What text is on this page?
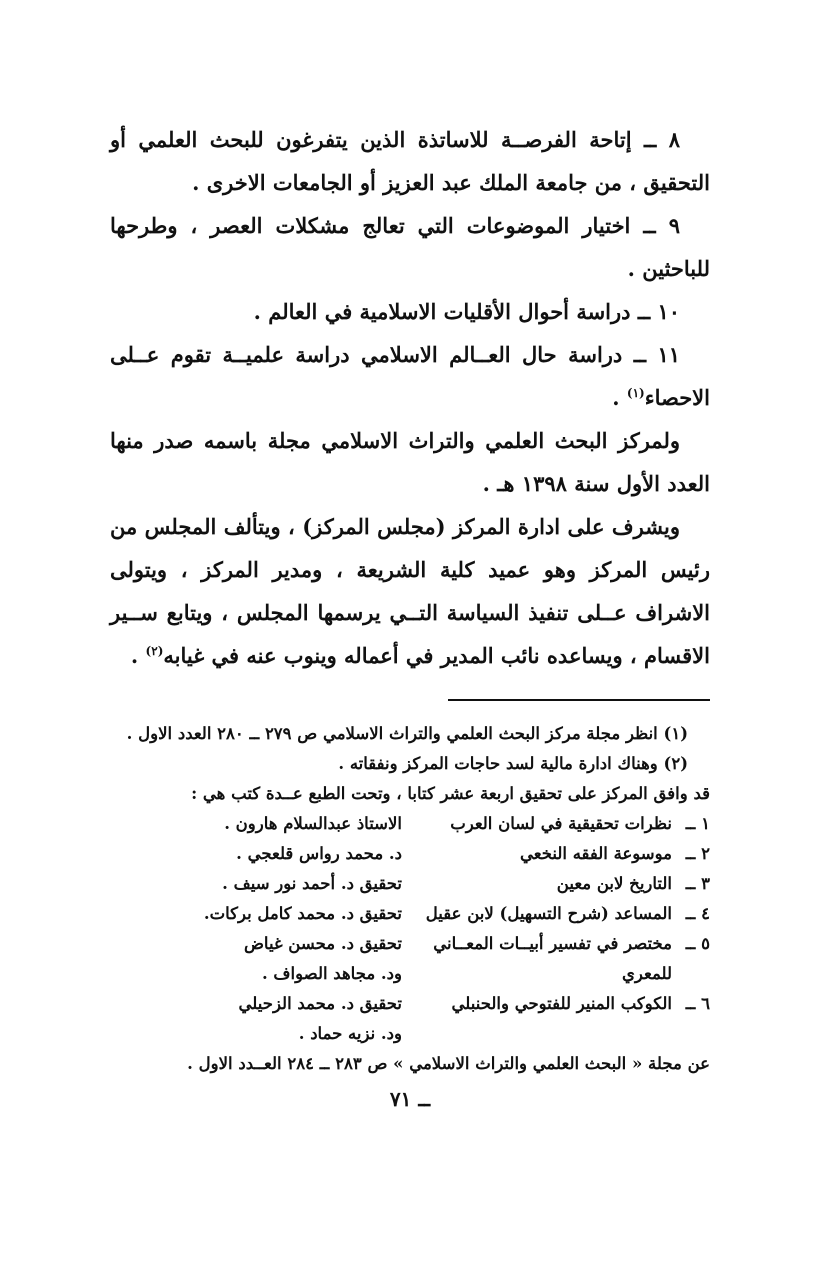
٨ ــ إتاحة الفرصــة للاساتذة الذين يتفرغون للبحث العلمي أو التحقيق ، من جامعة الملك عبد العزيز أو الجامعات الاخرى .

٩ ــ اختيار الموضوعات التي تعالج مشكلات العصر ، وطرحها للباحثين .

١٠ ــ دراسة أحوال الأقليات الاسلامية في العالم .

١١ ــ دراسة حال العــالم الاسلامي دراسة علميــة تقوم عــلى الاحصاء$^{(١)}$ .

ولمركز البحث العلمي والتراث الاسلامي مجلة باسمه صدر منها العدد الأول سنة ١٣٩٨ هـ .

ويشرف على ادارة المركز (مجلس المركز) ، ويتألف المجلس من رئيس المركز وهو عميد كلية الشريعة ، ومدير المركز ، ويتولى الاشراف عــلى تنفيذ السياسة التــي يرسمها المجلس ، ويتابع ســير الاقسام ، ويساعده نائب المدير في أعماله وينوب عنه في غيابه$^{(٢)}$ .

(١) انظر مجلة مركز البحث العلمي والتراث الاسلامي ص ٢٧٩ ــ ٢٨٠ العدد الاول .

(٢) وهناك ادارة مالية لسد حاجات المركز ونفقاته .

قد وافق المركز على تحقيق اربعة عشر كتابا ، وتحت الطبع عــدة كتب هي :

١ ــ
نظرات تحقيقية في لسان العرب
الاستاذ عبدالسلام هارون .
٢ ــ
موسوعة الفقه النخعي
د. محمد رواس قلعجي .
٣ ــ
التاريخ لابن معين
تحقيق د. أحمد نور سيف .
٤ ــ
المساعد (شرح التسهيل) لابن عقيل
تحقيق د. محمد كامل بركات.
٥ ــ
مختصر في تفسير أبيــات المعــاني
تحقيق د. محسن غياض
للمعري
ود. مجاهد الصواف .
٦ ــ
الكوكب المنير للفتوحي والحنبلي
تحقيق د. محمد الزحيلي
ود. نزيه حماد .

عن مجلة « البحث العلمي والتراث الاسلامي » ص ٢٨٣ ــ ٢٨٤ العــدد الاول .

ــ ٧١
